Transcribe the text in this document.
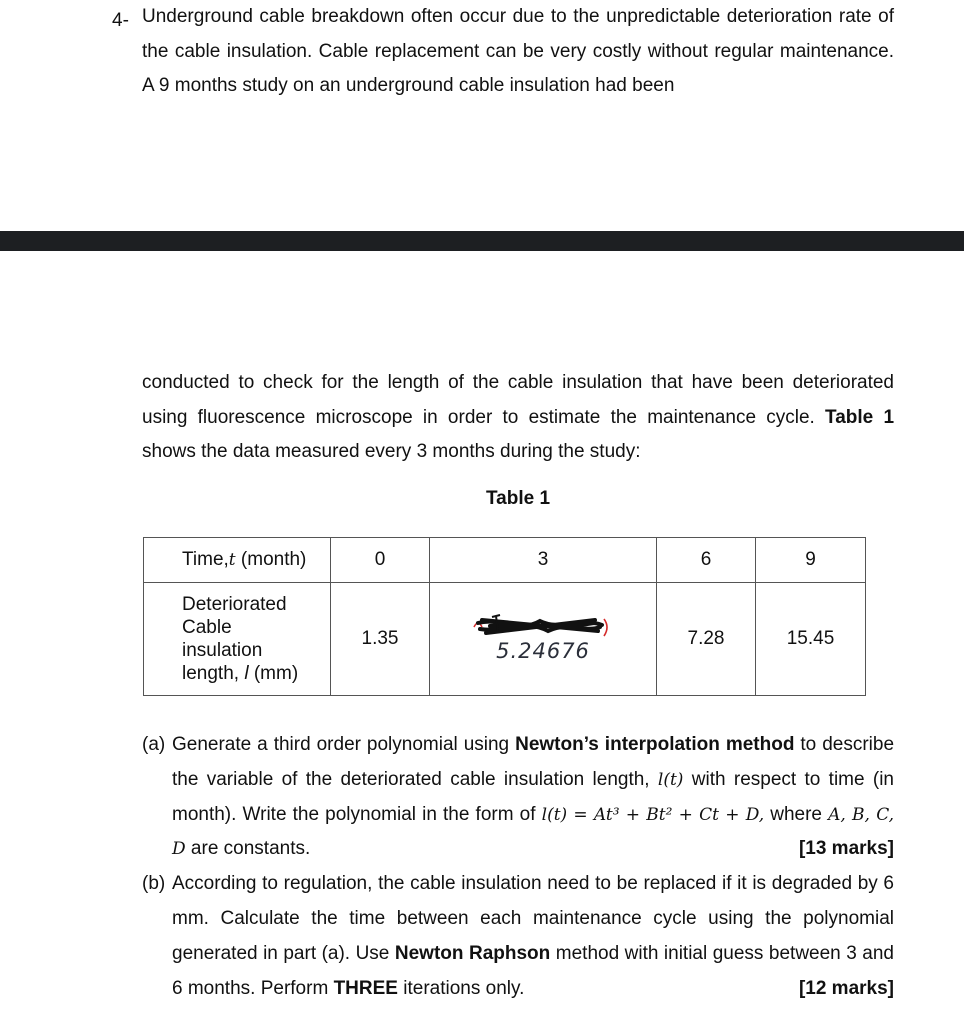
4- Underground cable breakdown often occur due to the unpredictable deterioration rate of the cable insulation. Cable replacement can be very costly without regular maintenance. A 9 months study on an underground cable insulation had been
conducted to check for the length of the cable insulation that have been deteriorated using fluorescence microscope in order to estimate the maintenance cycle. Table 1 shows the data measured every 3 months during the study:
Table 1
Time,t (month)	0	3	6	9

Deteriorated
Cable
insulation
length, l (mm)	1.35	5.24676	7.28	15.45
(a) Generate a third order polynomial using Newton’s interpolation method to describe the variable of the deteriorated cable insulation length, l(t) with respect to time (in month). Write the polynomial in the form of l(t) = At³ + Bt² + Ct + D, where A, B, C, D are constants.	[13 marks]
(b) According to regulation, the cable insulation need to be replaced if it is degraded by 6 mm. Calculate the time between each maintenance cycle using the polynomial generated in part (a). Use Newton Raphson method with initial guess between 3 and 6 months. Perform THREE iterations only.	[12 marks]
